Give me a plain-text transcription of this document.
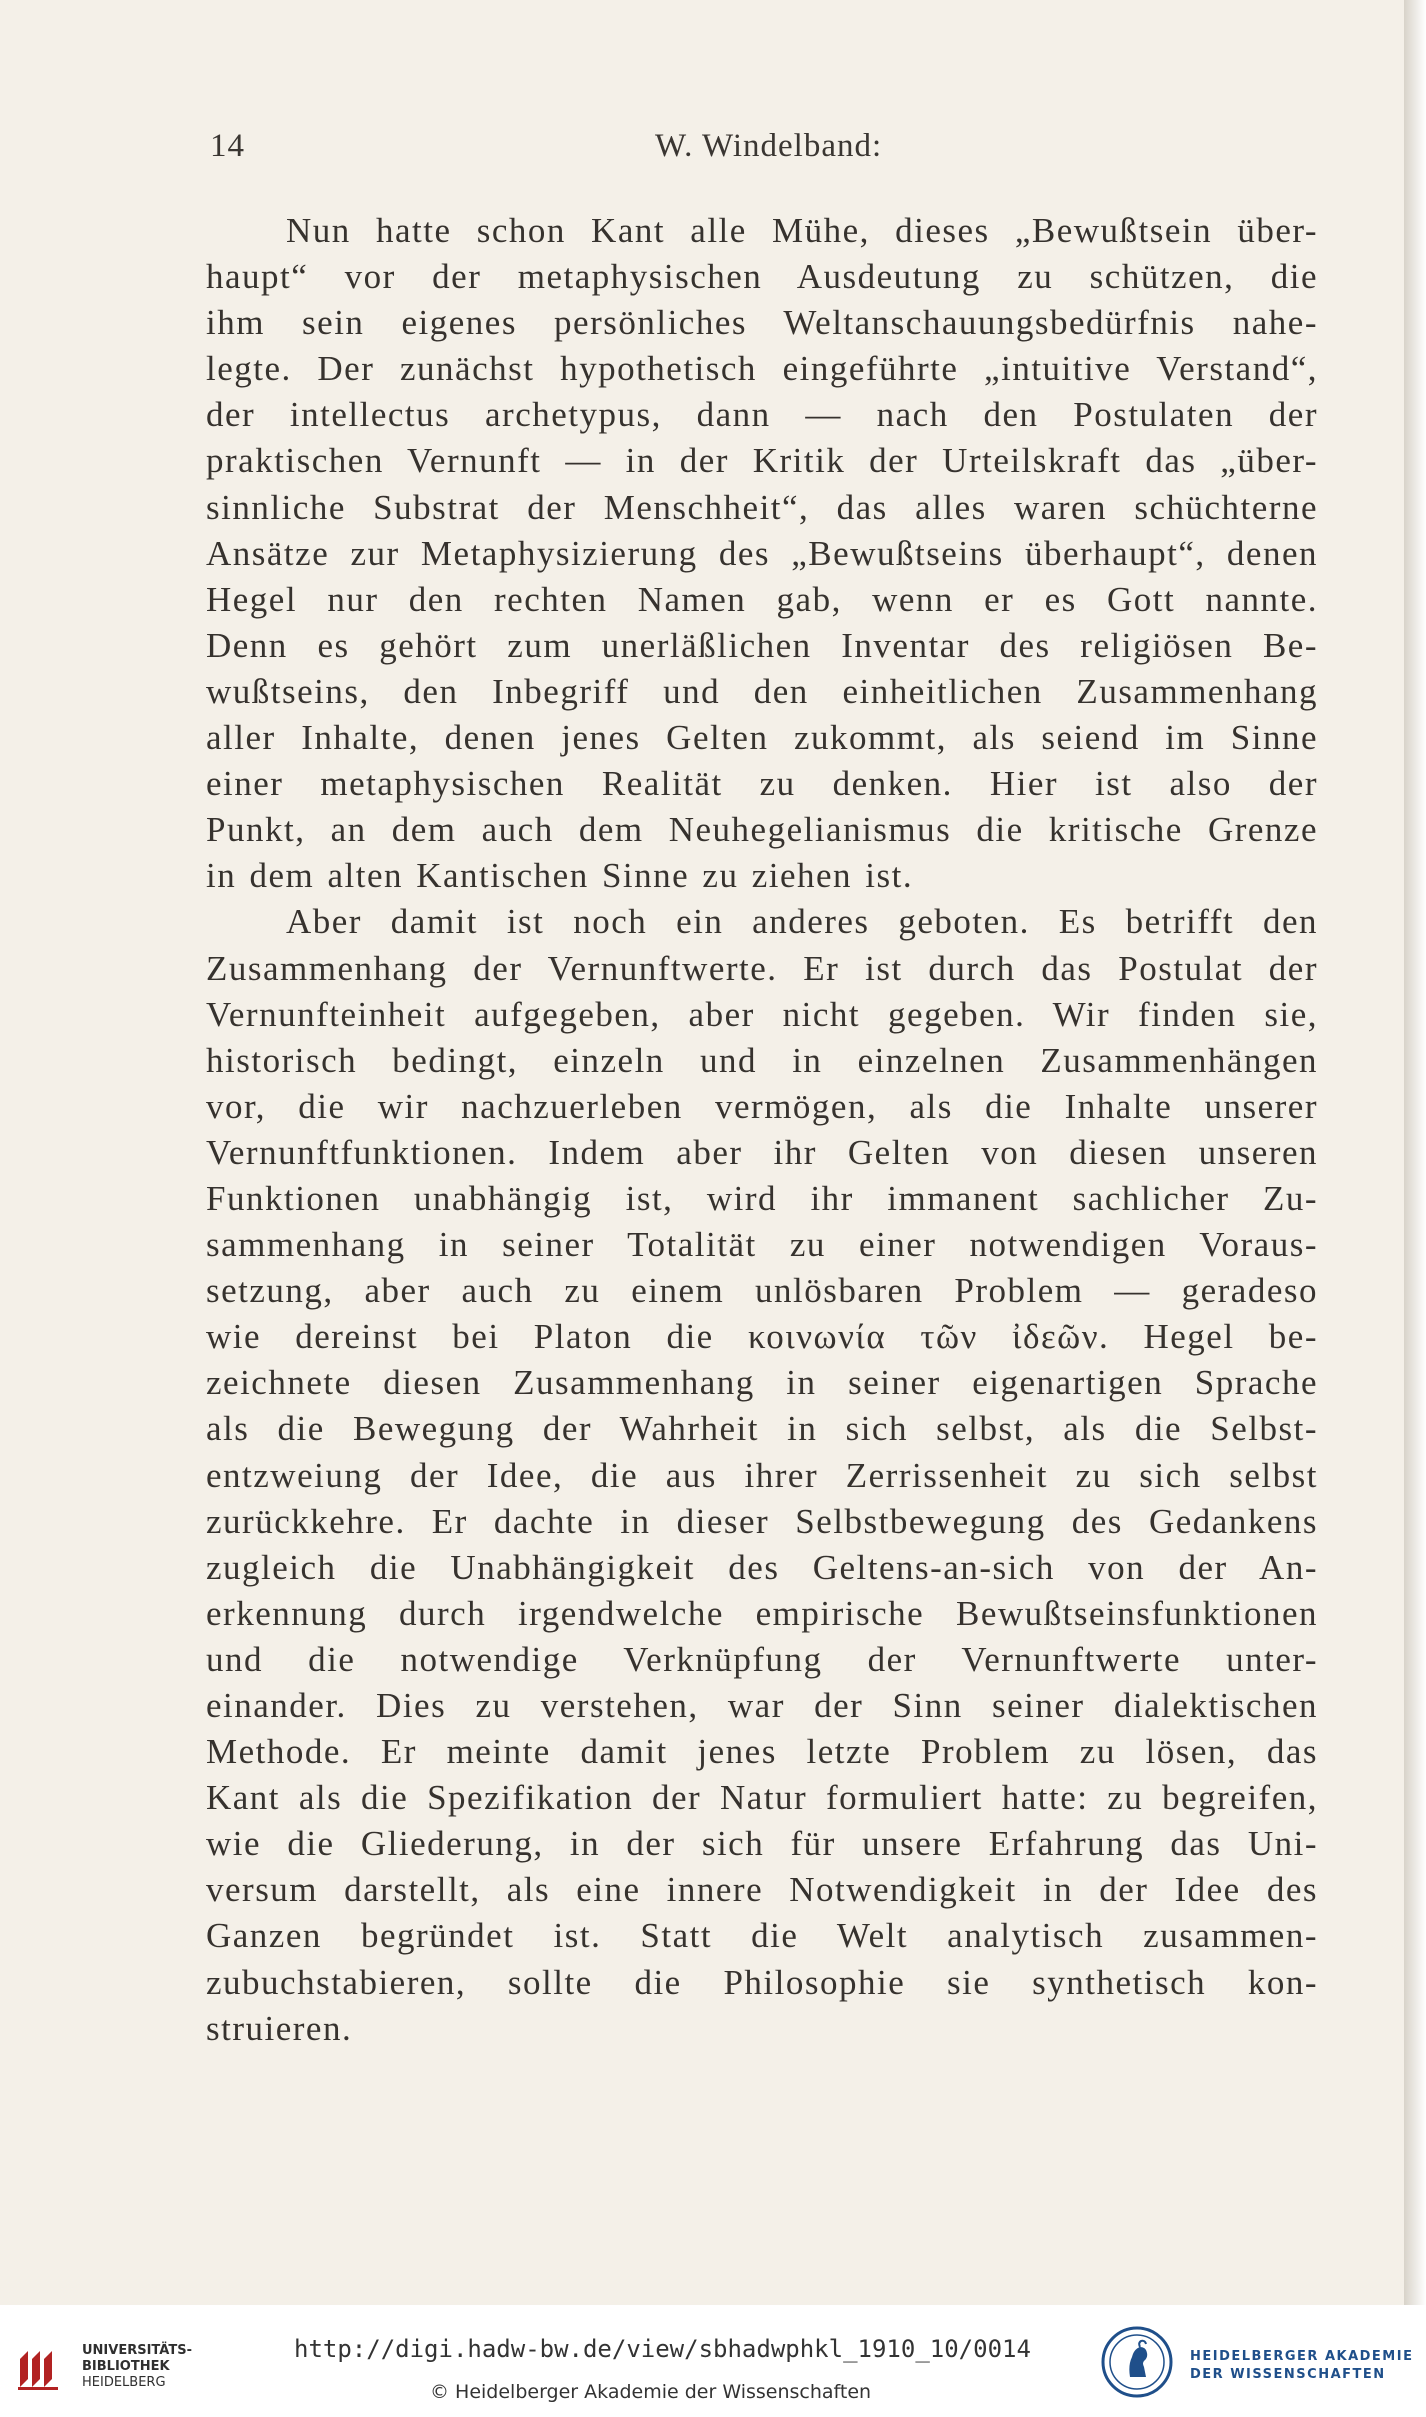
14	W. Windelband:
Nun hatte schon Kant alle Mühe, dieses „Bewußtsein über-
haupt“ vor der metaphysischen Ausdeutung zu schützen, die
ihm sein eigenes persönliches Weltanschauungsbedürfnis nahe-
legte. Der zunächst hypothetisch eingeführte „intuitive Verstand“,
der intellectus archetypus, dann — nach den Postulaten der
praktischen Vernunft — in der Kritik der Urteilskraft das „über-
sinnliche Substrat der Menschheit“, das alles waren schüchterne
Ansätze zur Metaphysizierung des „Bewußtseins überhaupt“, denen
Hegel nur den rechten Namen gab, wenn er es Gott nannte.
Denn es gehört zum unerläßlichen Inventar des religiösen Be-
wußtseins, den Inbegriff und den einheitlichen Zusammenhang
aller Inhalte, denen jenes Gelten zukommt, als seiend im Sinne
einer metaphysischen Realität zu denken. Hier ist also der
Punkt, an dem auch dem Neuhegelianismus die kritische Grenze
in dem alten Kantischen Sinne zu ziehen ist.
Aber damit ist noch ein anderes geboten. Es betrifft den
Zusammenhang der Vernunftwerte. Er ist durch das Postulat der
Vernunfteinheit aufgegeben, aber nicht gegeben. Wir finden sie,
historisch bedingt, einzeln und in einzelnen Zusammenhängen
vor, die wir nachzuerleben vermögen, als die Inhalte unserer
Vernunftfunktionen. Indem aber ihr Gelten von diesen unseren
Funktionen unabhängig ist, wird ihr immanent sachlicher Zu-
sammenhang in seiner Totalität zu einer notwendigen Voraus-
setzung, aber auch zu einem unlösbaren Problem — geradeso
wie dereinst bei Platon die κοινωνία τῶν ἰδεῶν. Hegel be-
zeichnete diesen Zusammenhang in seiner eigenartigen Sprache
als die Bewegung der Wahrheit in sich selbst, als die Selbst-
entzweiung der Idee, die aus ihrer Zerrissenheit zu sich selbst
zurückkehre. Er dachte in dieser Selbstbewegung des Gedankens
zugleich die Unabhängigkeit des Geltens-an-sich von der An-
erkennung durch irgendwelche empirische Bewußtseinsfunktionen
und die notwendige Verknüpfung der Vernunftwerte unter-
einander. Dies zu verstehen, war der Sinn seiner dialektischen
Methode. Er meinte damit jenes letzte Problem zu lösen, das
Kant als die Spezifikation der Natur formuliert hatte: zu begreifen,
wie die Gliederung, in der sich für unsere Erfahrung das Uni-
versum darstellt, als eine innere Notwendigkeit in der Idee des
Ganzen begründet ist. Statt die Welt analytisch zusammen-
zubuchstabieren, sollte die Philosophie sie synthetisch kon-
struieren.
UNIVERSITÄTS-
BIBLIOTHEK
HEIDELBERG
http://digi.hadw-bw.de/view/sbhadwphkl_1910_10/0014
© Heidelberger Akademie der Wissenschaften
HEIDELBERGER AKADEMIE
DER WISSENSCHAFTEN
